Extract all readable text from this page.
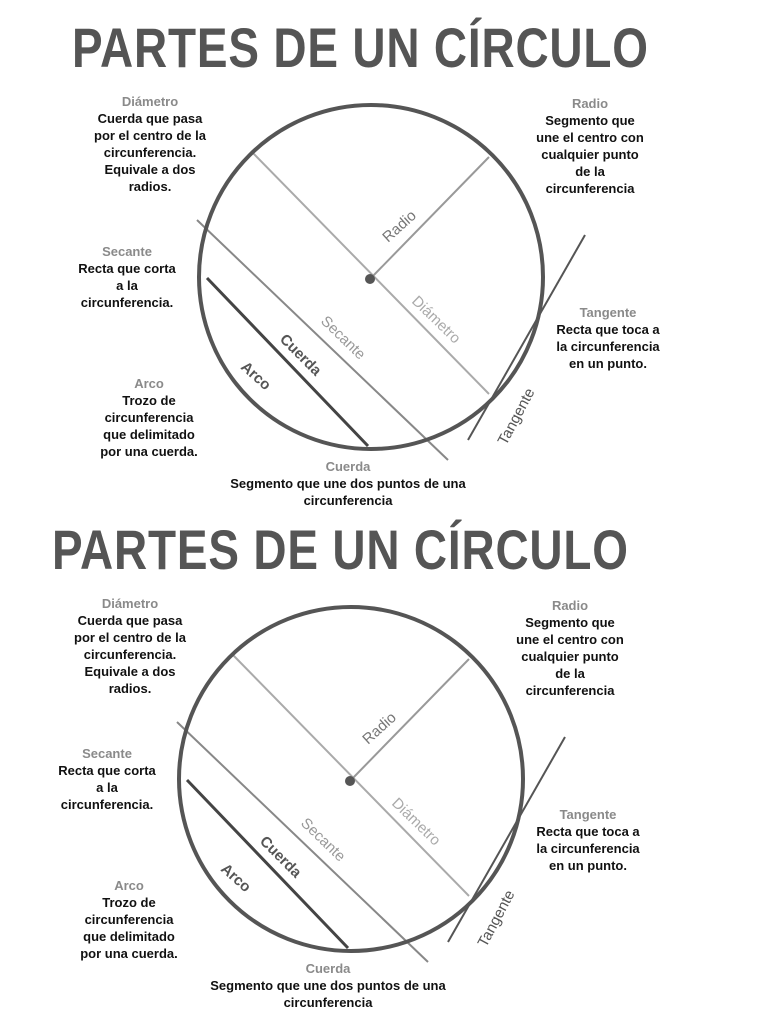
Radio
Diámetro
Secante
Cuerda
Arco
Tangente
PARTES DE UN CÍRCULO
Diámetro
Cuerda que pasa
por el centro de la
circunferencia.
Equivale a dos
radios.
Radio
Segmento que
une el centro con
cualquier punto
de la
circunferencia
Secante
Recta que corta
a la
circunferencia.
Tangente
Recta que toca a
la circunferencia
en un punto.
Arco
Trozo de
circunferencia
que delimitado
por una cuerda.
Cuerda
Segmento que une dos puntos de una
circunferencia
Radio
Diámetro
Secante
Cuerda
Arco
Tangente
PARTES DE UN CÍRCULO
Diámetro
Cuerda que pasa
por el centro de la
circunferencia.
Equivale a dos
radios.
Radio
Segmento que
une el centro con
cualquier punto
de la
circunferencia
Secante
Recta que corta
a la
circunferencia.
Tangente
Recta que toca a
la circunferencia
en un punto.
Arco
Trozo de
circunferencia
que delimitado
por una cuerda.
Cuerda
Segmento que une dos puntos de una
circunferencia
